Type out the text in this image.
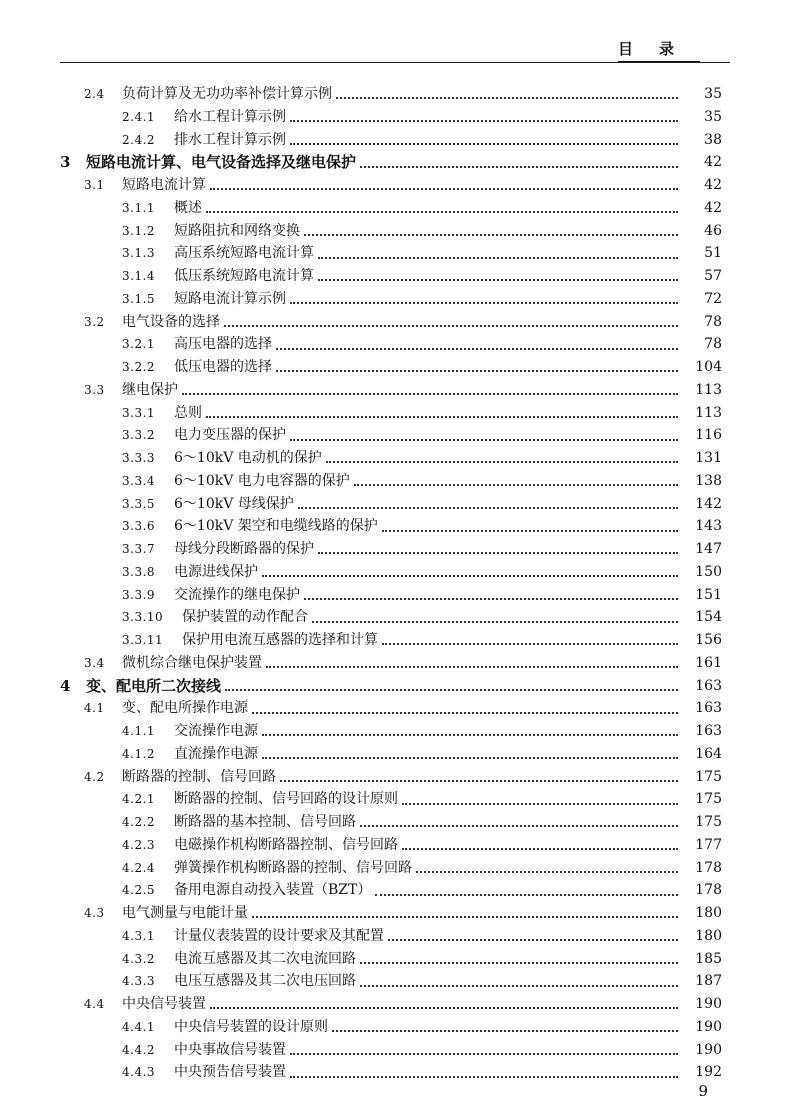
目录
2.4	负荷计算及无功功率补偿计算示例	35
2.4.1	给水工程计算示例	35
2.4.2	排水工程计算示例	38
3	短路电流计算、电气设备选择及继电保护	42
3.1	短路电流计算	42
3.1.1	概述	42
3.1.2	短路阻抗和网络变换	46
3.1.3	高压系统短路电流计算	51
3.1.4	低压系统短路电流计算	57
3.1.5	短路电流计算示例	72
3.2	电气设备的选择	78
3.2.1	高压电器的选择	78
3.2.2	低压电器的选择	104
3.3	继电保护	113
3.3.1	总则	113
3.3.2	电力变压器的保护	116
3.3.3	6～10kV 电动机的保护	131
3.3.4	6～10kV 电力电容器的保护	138
3.3.5	6～10kV 母线保护	142
3.3.6	6～10kV 架空和电缆线路的保护	143
3.3.7	母线分段断路器的保护	147
3.3.8	电源进线保护	150
3.3.9	交流操作的继电保护	151
3.3.10	保护装置的动作配合	154
3.3.11	保护用电流互感器的选择和计算	156
3.4	微机综合继电保护装置	161
4	变、配电所二次接线	163
4.1	变、配电所操作电源	163
4.1.1	交流操作电源	163
4.1.2	直流操作电源	164
4.2	断路器的控制、信号回路	175
4.2.1	断路器的控制、信号回路的设计原则	175
4.2.2	断路器的基本控制、信号回路	175
4.2.3	电磁操作机构断路器控制、信号回路	177
4.2.4	弹簧操作机构断路器的控制、信号回路	178
4.2.5	备用电源自动投入装置（BZT）	178
4.3	电气测量与电能计量	180
4.3.1	计量仪表装置的设计要求及其配置	180
4.3.2	电流互感器及其二次电流回路	185
4.3.3	电压互感器及其二次电压回路	187
4.4	中央信号装置	190
4.4.1	中央信号装置的设计原则	190
4.4.2	中央事故信号装置	190
4.4.3	中央预告信号装置	192
9
